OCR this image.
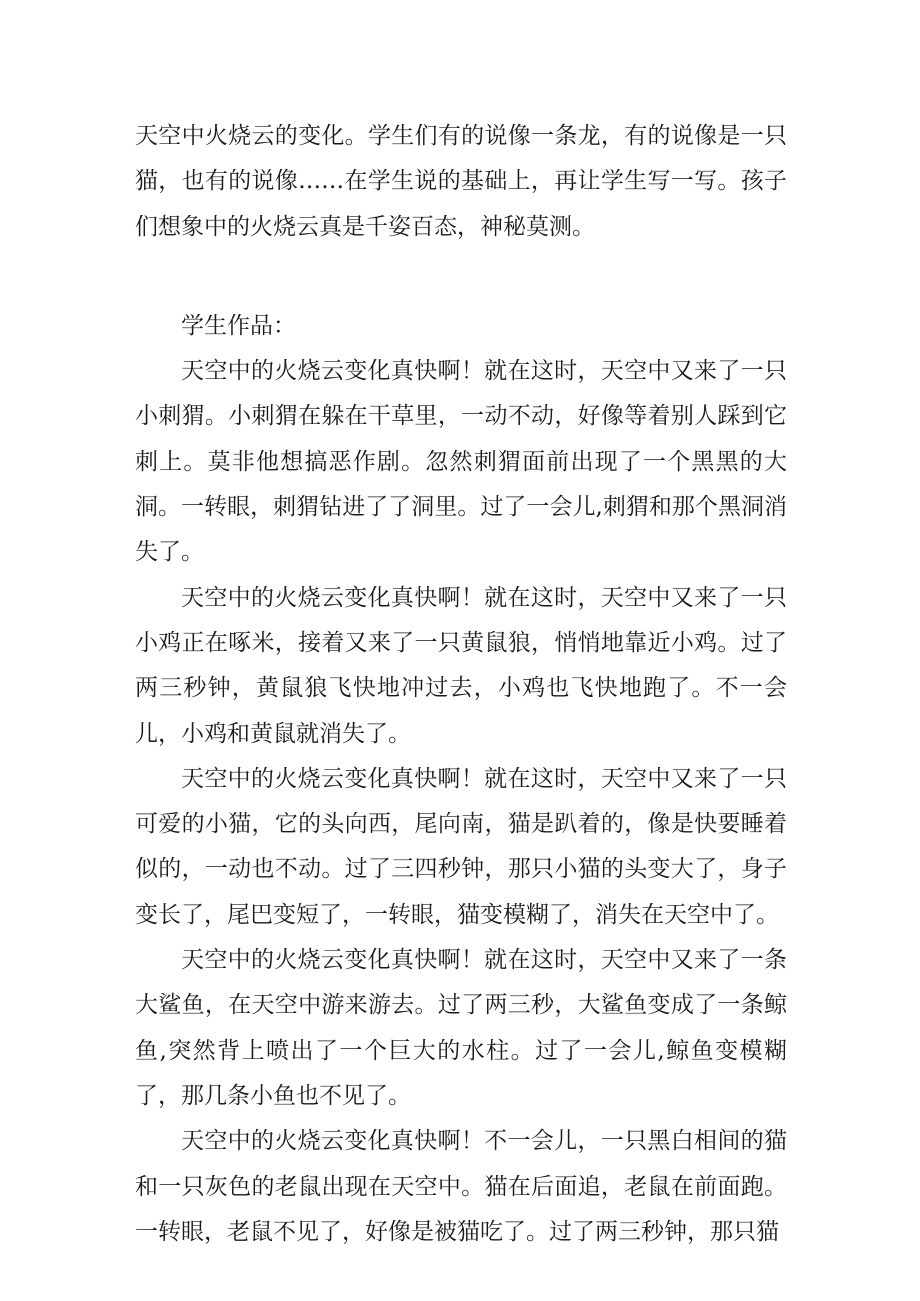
天空中火烧云的变化。学生们有的说像一条龙，有的说像是一只猫，也有的说像……在学生说的基础上，再让学生写一写。孩子们想象中的火烧云真是千姿百态，神秘莫测。

学生作品：

天空中的火烧云变化真快啊！就在这时，天空中又来了一只小刺猬。小刺猬在躲在干草里，一动不动，好像等着别人踩到它刺上。莫非他想搞恶作剧。忽然刺猬面前出现了一个黑黑的大洞。一转眼，刺猬钻进了了洞里。过了一会儿,刺猬和那个黑洞消失了。

天空中的火烧云变化真快啊！就在这时，天空中又来了一只小鸡正在啄米，接着又来了一只黄鼠狼，悄悄地靠近小鸡。过了两三秒钟，黄鼠狼飞快地冲过去，小鸡也飞快地跑了。不一会儿，小鸡和黄鼠就消失了。

天空中的火烧云变化真快啊！就在这时，天空中又来了一只可爱的小猫，它的头向西，尾向南，猫是趴着的，像是快要睡着似的，一动也不动。过了三四秒钟，那只小猫的头变大了，身子变长了，尾巴变短了，一转眼，猫变模糊了，消失在天空中了。

天空中的火烧云变化真快啊！就在这时，天空中又来了一条大鲨鱼，在天空中游来游去。过了两三秒，大鲨鱼变成了一条鲸鱼,突然背上喷出了一个巨大的水柱。过了一会儿,鲸鱼变模糊了，那几条小鱼也不见了。

天空中的火烧云变化真快啊！不一会儿，一只黑白相间的猫和一只灰色的老鼠出现在天空中。猫在后面追，老鼠在前面跑。一转眼，老鼠不见了，好像是被猫吃了。过了两三秒钟，那只猫
